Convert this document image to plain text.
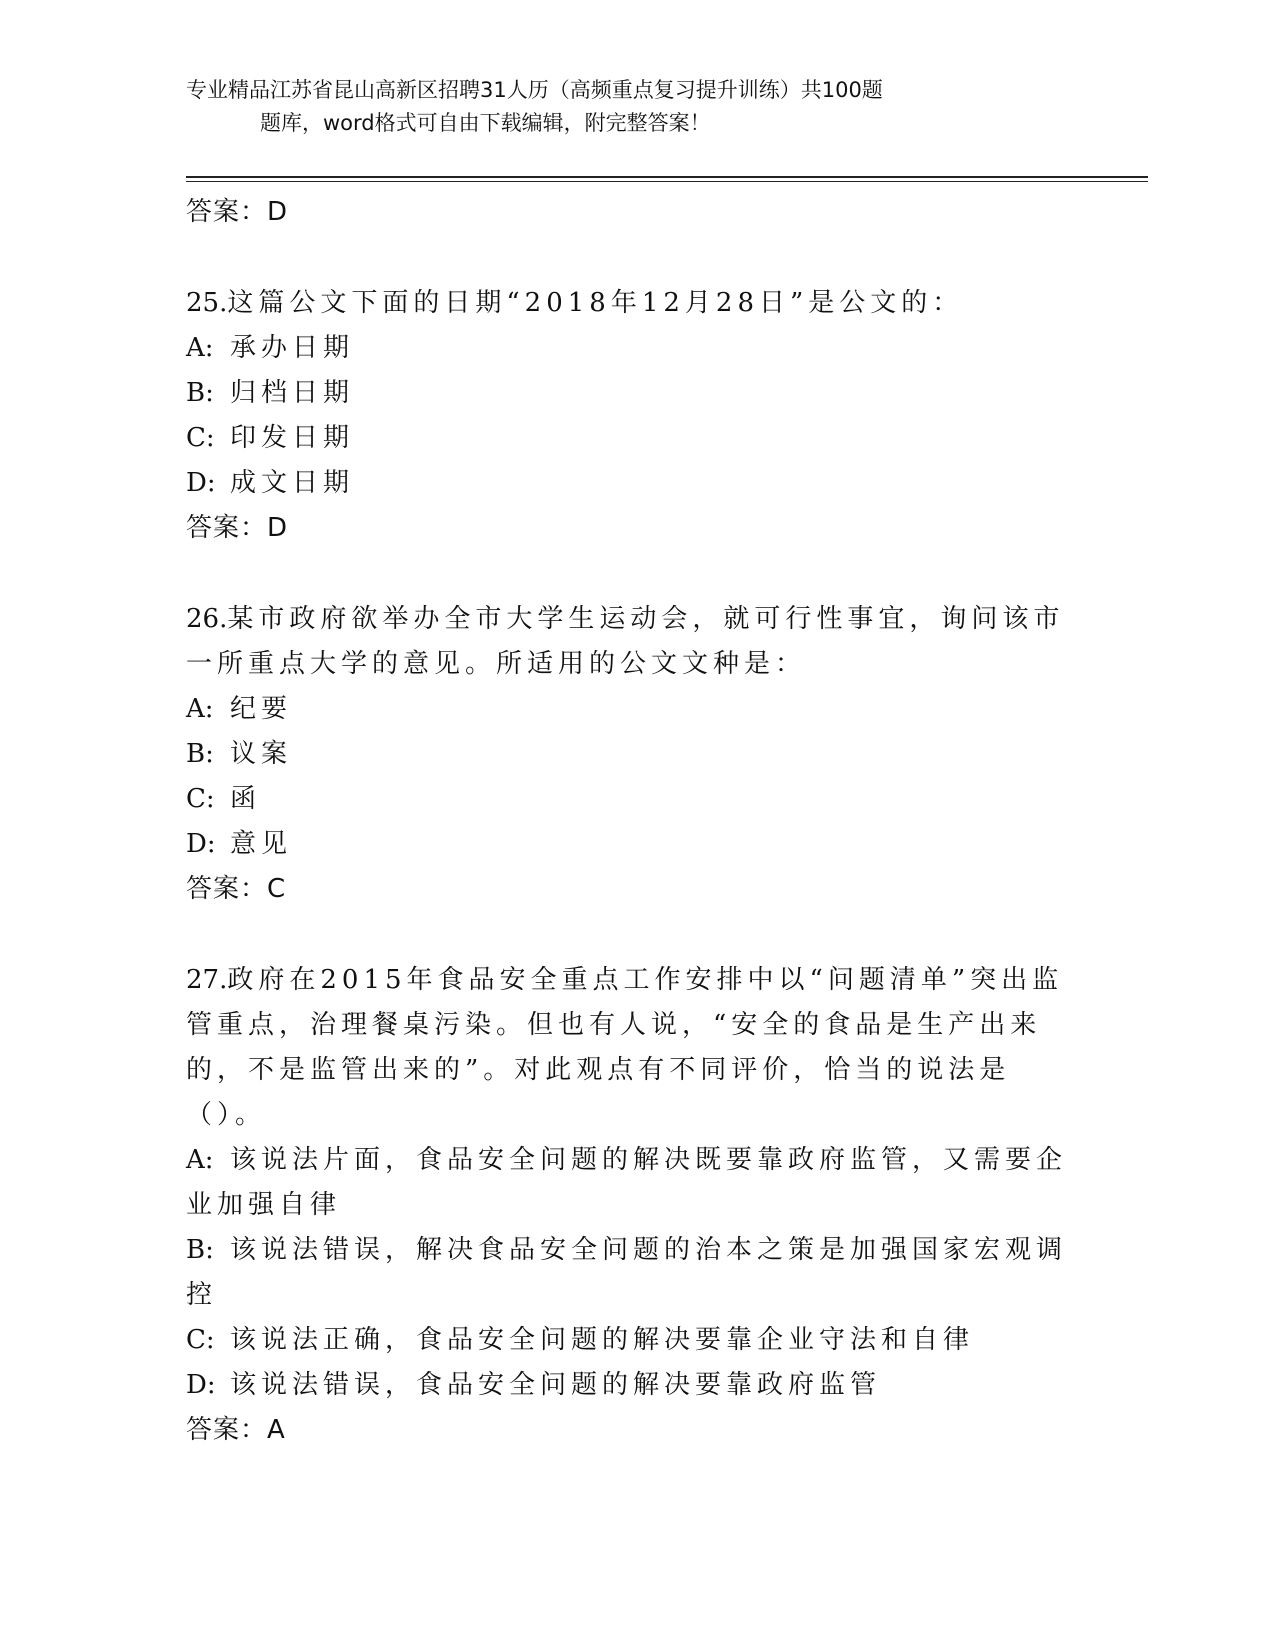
专业精品江苏省昆山高新区招聘31人历（高频重点复习提升训练）共100题
题库，word格式可自由下载编辑，附完整答案！
答案：D
25.这篇公文下面的日期“2018年12月28日”是公文的：
A: 承办日期
B: 归档日期
C: 印发日期
D: 成文日期
答案：D
26.某市政府欲举办全市大学生运动会，就可行性事宜，询问该市一所重点大学的意见。所适用的公文文种是：
A: 纪要
B: 议案
C: 函
D: 意见
答案：C
27.政府在2015年食品安全重点工作安排中以“问题清单”突出监管重点，治理餐桌污染。但也有人说，“安全的食品是生产出来的，不是监管出来的”。对此观点有不同评价，恰当的说法是（）。
A: 该说法片面，食品安全问题的解决既要靠政府监管，又需要企业加强自律
B: 该说法错误，解决食品安全问题的治本之策是加强国家宏观调控
C: 该说法正确，食品安全问题的解决要靠企业守法和自律
D: 该说法错误，食品安全问题的解决要靠政府监管
答案：A
